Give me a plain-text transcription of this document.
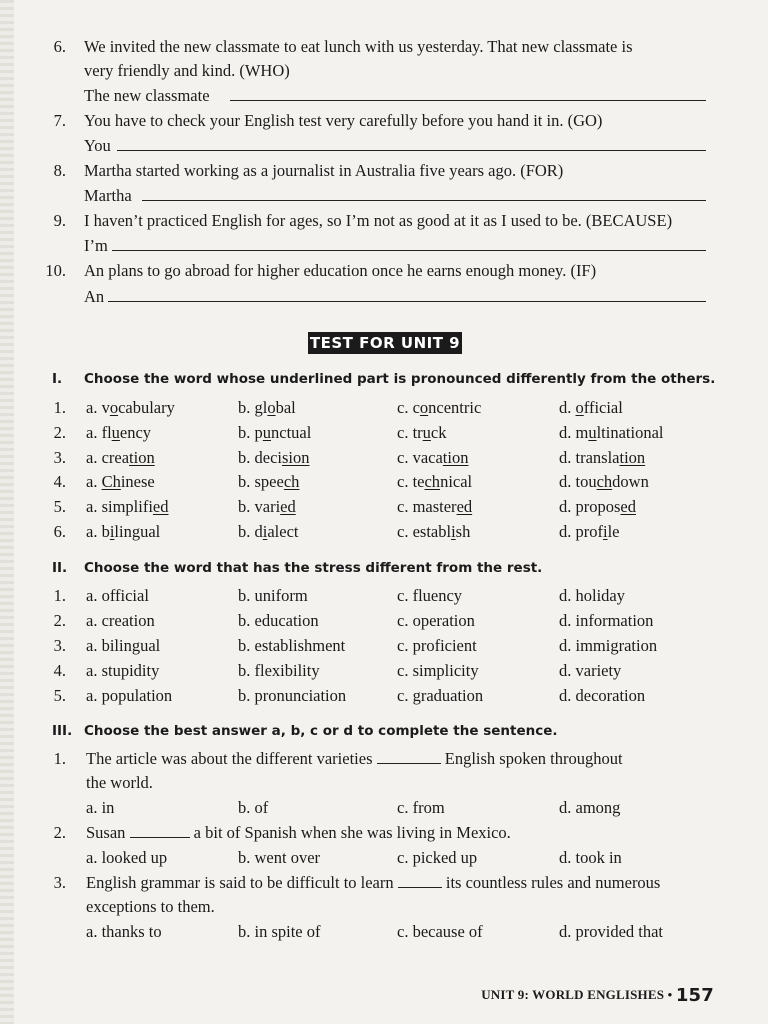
6. We invited the new classmate to eat lunch with us yesterday. That new classmate is
very friendly and kind. (WHO)
The new classmate
7. You have to check your English test very carefully before you hand it in. (GO)
You
8. Martha started working as a journalist in Australia five years ago. (FOR)
Martha
9. I haven’t practiced English for ages, so I’m not as good at it as I used to be. (BECAUSE)
I’m
10. An plans to go abroad for higher education once he earns enough money. (IF)
An
TEST FOR UNIT 9
I.	Choose the word whose underlined part is pronounced differently from the others.
1. a. vocabulary	b. global	c. concentric	d. official
2. a. fluency	b. punctual	c. truck	d. multinational
3. a. creation	b. decision	c. vacation	d. translation
4. a. Chinese	b. speech	c. technical	d. touchdown
5. a. simplified	b. varied	c. mastered	d. proposed
6. a. bilingual	b. dialect	c. establish	d. profile
II.	Choose the word that has the stress different from the rest.
1. a. official	b. uniform	c. fluency	d. holiday
2. a. creation	b. education	c. operation	d. information
3. a. bilingual	b. establishment	c. proficient	d. immigration
4. a. stupidity	b. flexibility	c. simplicity	d. variety
5. a. population	b. pronunciation	c. graduation	d. decoration
III. Choose the best answer a, b, c or d to complete the sentence.
1. The article was about the different varieties	English spoken throughout
the world.
a. in	b. of	c. from	d. among
2. Susan	a bit of Spanish when she was living in Mexico.
a. looked up	b. went over	c. picked up	d. took in
3. English grammar is said to be difficult to learn	its countless rules and numerous
exceptions to them.
a. thanks to	b. in spite of	c. because of	d. provided that
UNIT 9: WORLD ENGLISHES • 157
